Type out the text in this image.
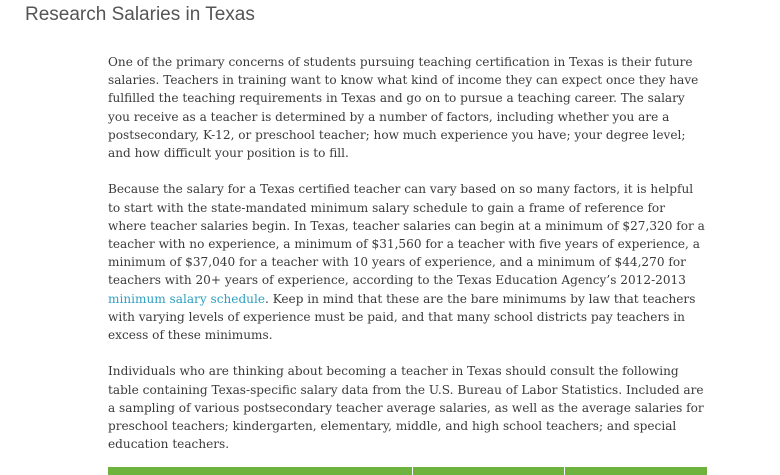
Research Salaries in Texas

One of the primary concerns of students pursuing teaching certification in Texas is their future
salaries. Teachers in training want to know what kind of income they can expect once they have
fulfilled the teaching requirements in Texas and go on to pursue a teaching career. The salary
you receive as a teacher is determined by a number of factors, including whether you are a
postsecondary, K-12, or preschool teacher; how much experience you have; your degree level;
and how difficult your position is to fill.

Because the salary for a Texas certified teacher can vary based on so many factors, it is helpful
to start with the state-mandated minimum salary schedule to gain a frame of reference for
where teacher salaries begin. In Texas, teacher salaries can begin at a minimum of $27,320 for a
teacher with no experience, a minimum of $31,560 for a teacher with five years of experience, a
minimum of $37,040 for a teacher with 10 years of experience, and a minimum of $44,270 for
teachers with 20+ years of experience, according to the Texas Education Agency’s 2012-2013
minimum salary schedule. Keep in mind that these are the bare minimums by law that teachers
with varying levels of experience must be paid, and that many school districts pay teachers in
excess of these minimums.

Individuals who are thinking about becoming a teacher in Texas should consult the following
table containing Texas-specific salary data from the U.S. Bureau of Labor Statistics. Included are
a sampling of various postsecondary teacher average salaries, as well as the average salaries for
preschool teachers; kindergarten, elementary, middle, and high school teachers; and special
education teachers.
